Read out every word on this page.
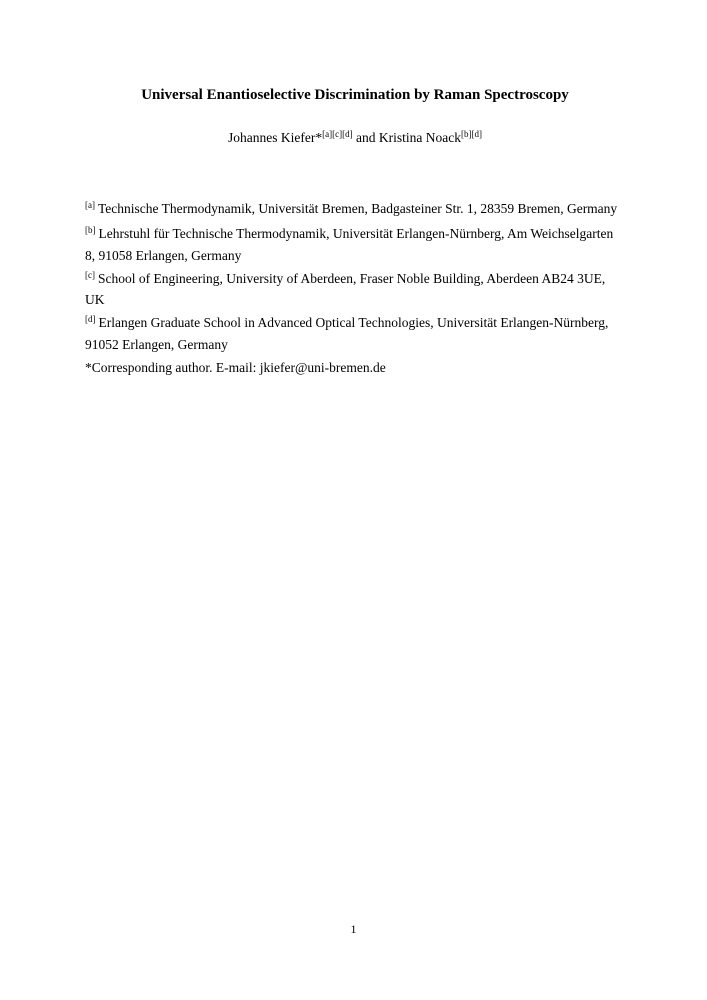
Universal Enantioselective Discrimination by Raman Spectroscopy
Johannes Kiefer*[a][c][d] and Kristina Noack[b][d]

[a] Technische Thermodynamik, Universität Bremen, Badgasteiner Str. 1, 28359 Bremen, Germany

[b] Lehrstuhl für Technische Thermodynamik, Universität Erlangen-Nürnberg, Am Weichselgarten 8, 91058 Erlangen, Germany

[c] School of Engineering, University of Aberdeen, Fraser Noble Building, Aberdeen AB24 3UE, UK

[d] Erlangen Graduate School in Advanced Optical Technologies, Universität Erlangen-Nürnberg, 91052 Erlangen, Germany

*Corresponding author. E-mail: jkiefer@uni-bremen.de

1
